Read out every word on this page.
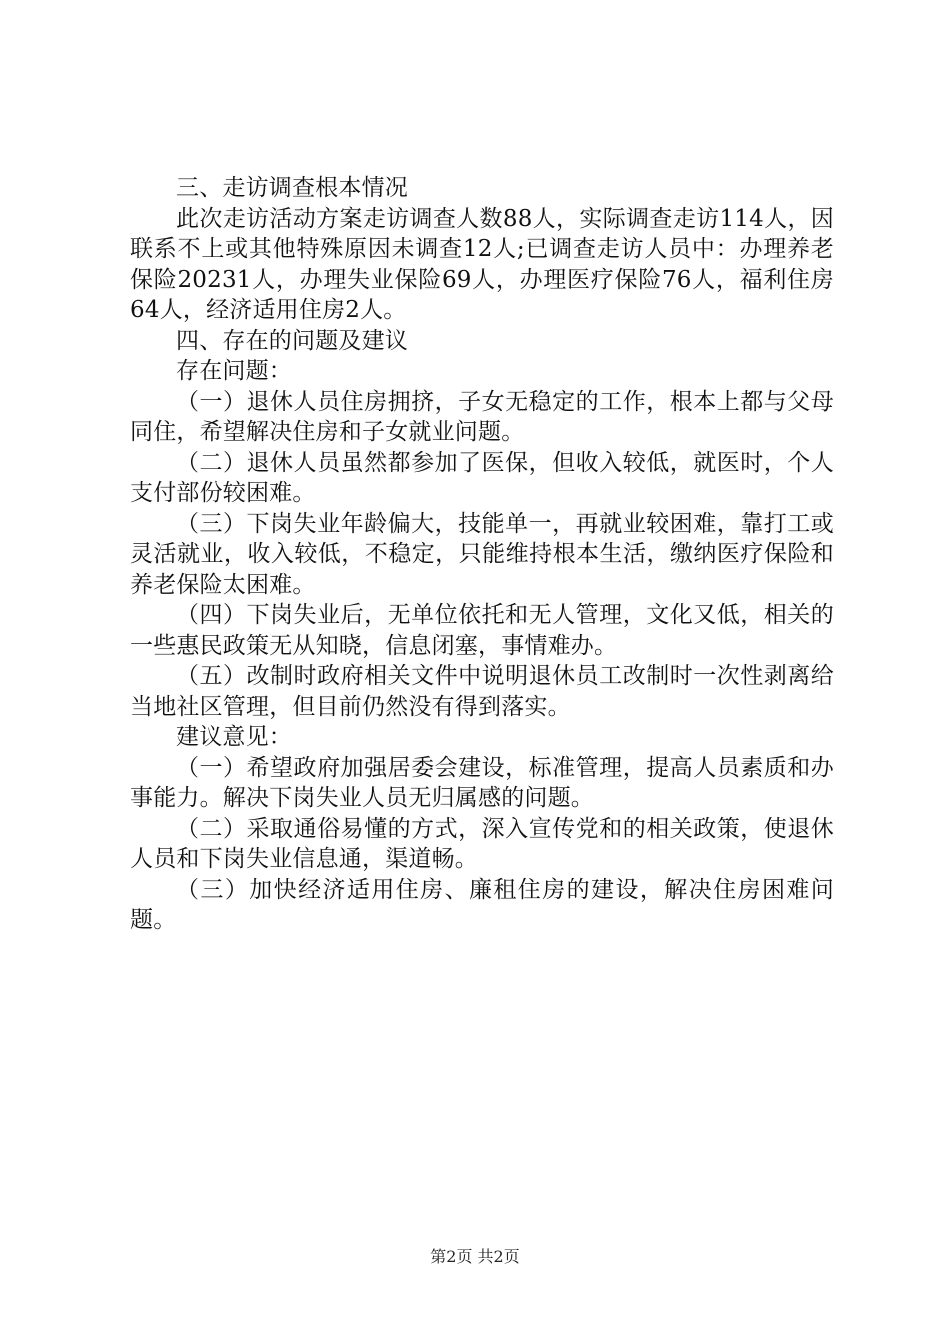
三、走访调查根本情况

此次走访活动方案走访调查人数88人，实际调查走访114人，因联系不上或其他特殊原因未调查12人;已调查走访人员中：办理养老保险20231人，办理失业保险69人，办理医疗保险76人，福利住房64人，经济适用住房2人。

四、存在的问题及建议

存在问题：

（一）退休人员住房拥挤，子女无稳定的工作，根本上都与父母同住，希望解决住房和子女就业问题。

（二）退休人员虽然都参加了医保，但收入较低，就医时，个人支付部份较困难。

（三）下岗失业年龄偏大，技能单一，再就业较困难，靠打工或灵活就业，收入较低，不稳定，只能维持根本生活，缴纳医疗保险和养老保险太困难。

（四）下岗失业后，无单位依托和无人管理，文化又低，相关的一些惠民政策无从知晓，信息闭塞，事情难办。

（五）改制时政府相关文件中说明退休员工改制时一次性剥离给当地社区管理，但目前仍然没有得到落实。

建议意见：

（一）希望政府加强居委会建设，标准管理，提高人员素质和办事能力。解决下岗失业人员无归属感的问题。

（二）采取通俗易懂的方式，深入宣传党和的相关政策，使退休人员和下岗失业信息通，渠道畅。

（三）加快经济适用住房、廉租住房的建设，解决住房困难问题。

第2页 共2页
